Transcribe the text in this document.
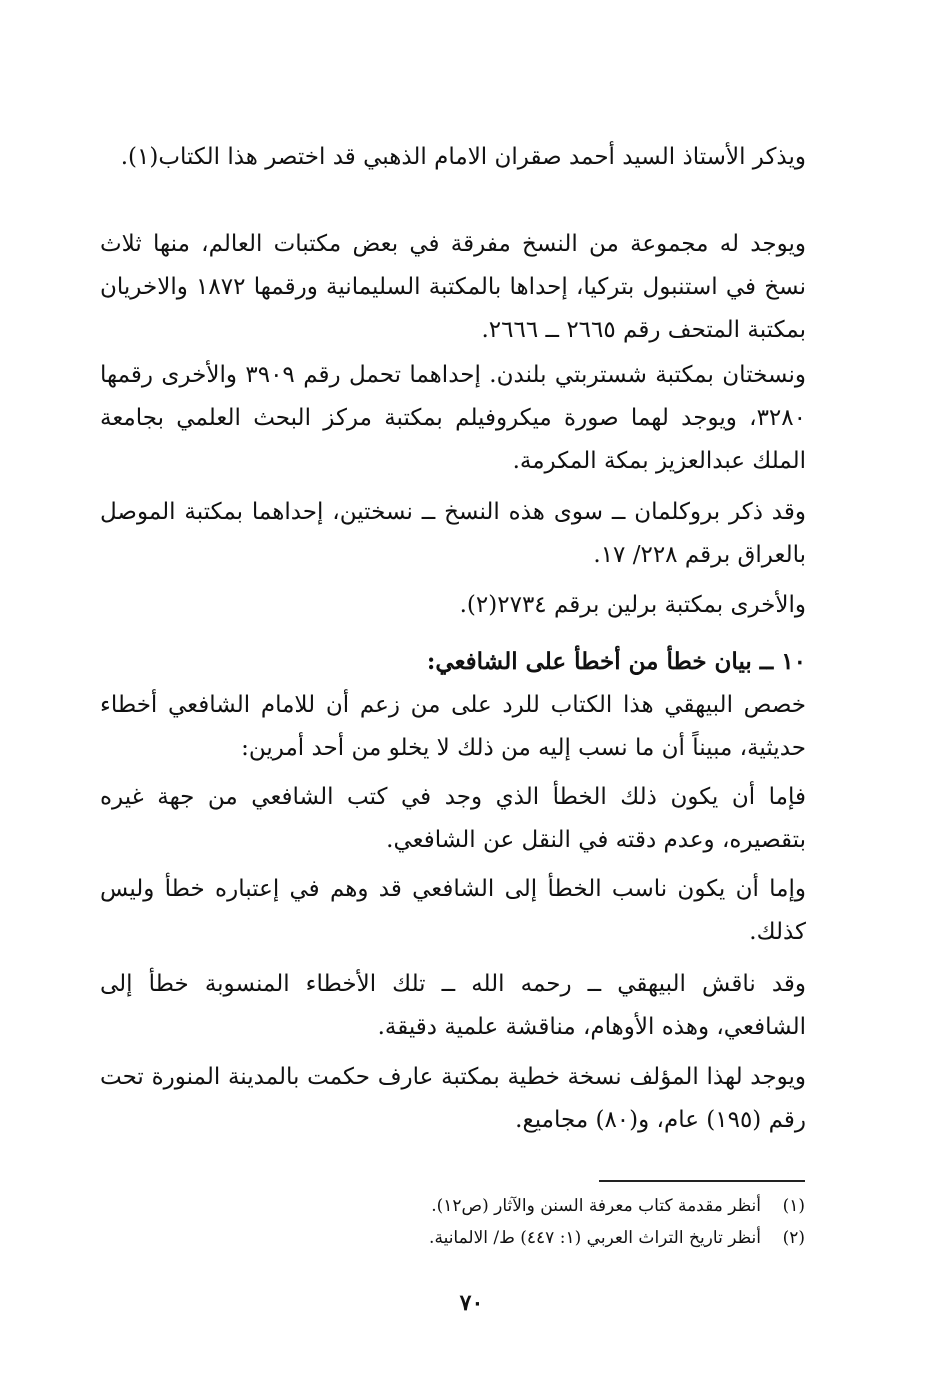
ويذكر الأستاذ السيد أحمد صقران الامام الذهبي قد اختصر هذا الكتاب(١).

ويوجد له مجموعة من النسخ مفرقة في بعض مكتبات العالم، منها ثلاث نسخ في استنبول بتركيا، إحداها بالمكتبة السليمانية ورقمها ١٨٧٢ والاخريان بمكتبة المتحف رقم ٢٦٦٥ ــ ٢٦٦٦.

ونسختان بمكتبة شستربتي بلندن. إحداهما تحمل رقم ٣٩٠٩ والأخرى رقمها ٣٢٨٠، ويوجد لهما صورة ميكروفيلم بمكتبة مركز البحث العلمي بجامعة الملك عبدالعزيز بمكة المكرمة.

وقد ذكر بروكلمان ــ سوى هذه النسخ ــ نسختين، إحداهما بمكتبة الموصل بالعراق برقم ٢٢٨/ ١٧.

والأخرى بمكتبة برلين برقم ٢٧٣٤(٢).

١٠ ــ بيان خطأ من أخطأ على الشافعي:

خصص البيهقي هذا الكتاب للرد على من زعم أن للامام الشافعي أخطاء حديثية، مبيناً أن ما نسب إليه من ذلك لا يخلو من أحد أمرين:

فإما أن يكون ذلك الخطأ الذي وجد في كتب الشافعي من جهة غيره بتقصيره، وعدم دقته في النقل عن الشافعي.

وإما أن يكون ناسب الخطأ إلى الشافعي قد وهم في إعتباره خطأ وليس كذلك.

وقد ناقش البيهقي ــ رحمه الله ــ تلك الأخطاء المنسوبة خطأ إلى الشافعي، وهذه الأوهام، مناقشة علمية دقيقة.

ويوجد لهذا المؤلف نسخة خطية بمكتبة عارف حكمت بالمدينة المنورة تحت رقم (١٩٥) عام، و(٨٠) مجاميع.

(١)أنظر مقدمة كتاب معرفة السنن والآثار (ص١٢).
(٢)أنظر تاريخ التراث العربي (١: ٤٤٧) ط/ الالمانية.
٧٠
